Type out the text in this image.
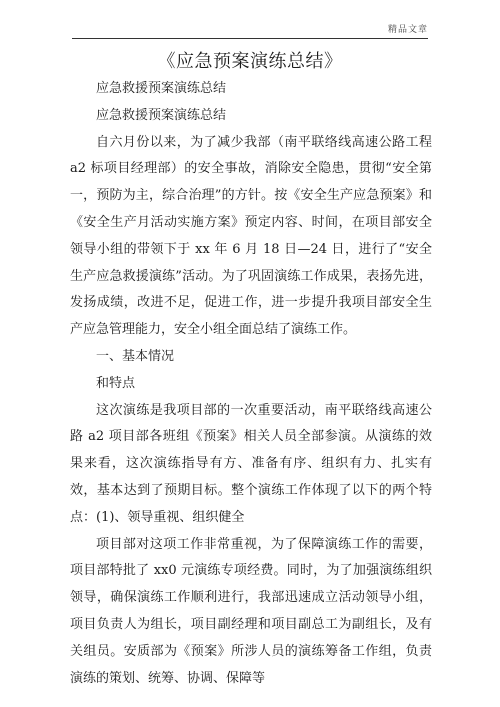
精品文章
《应急预案演练总结》

应急救援预案演练总结

应急救援预案演练总结

自六月份以来，为了减少我部（南平联络线高速公路工程 a2 标项目经理部）的安全事故，消除安全隐患，贯彻“安全第一，预防为主，综合治理”的方针。按《安全生产应急预案》和《安全生产月活动实施方案》预定内容、时间，在项目部安全领导小组的带领下于 xx 年 6 月 18 日—24 日，进行了“安全生产应急救援演练”活动。为了巩固演练工作成果，表扬先进，发扬成绩，改进不足，促进工作，进一步提升我项目部安全生产应急管理能力，安全小组全面总结了演练工作。

一、基本情况

和特点

这次演练是我项目部的一次重要活动，南平联络线高速公路 a2 项目部各班组《预案》相关人员全部参演。从演练的效果来看，这次演练指导有方、准备有序、组织有力、扎实有效，基本达到了预期目标。整个演练工作体现了以下的两个特点：(1)、领导重视、组织健全

项目部对这项工作非常重视，为了保障演练工作的需要，项目部特批了 xx0 元演练专项经费。同时，为了加强演练组织领导，确保演练工作顺利进行，我部迅速成立活动领导小组，项目负责人为组长，项目副经理和项目副总工为副组长，及有关组员。安质部为《预案》所涉人员的演练筹备工作组，负责演练的策划、统筹、协调、保障等
